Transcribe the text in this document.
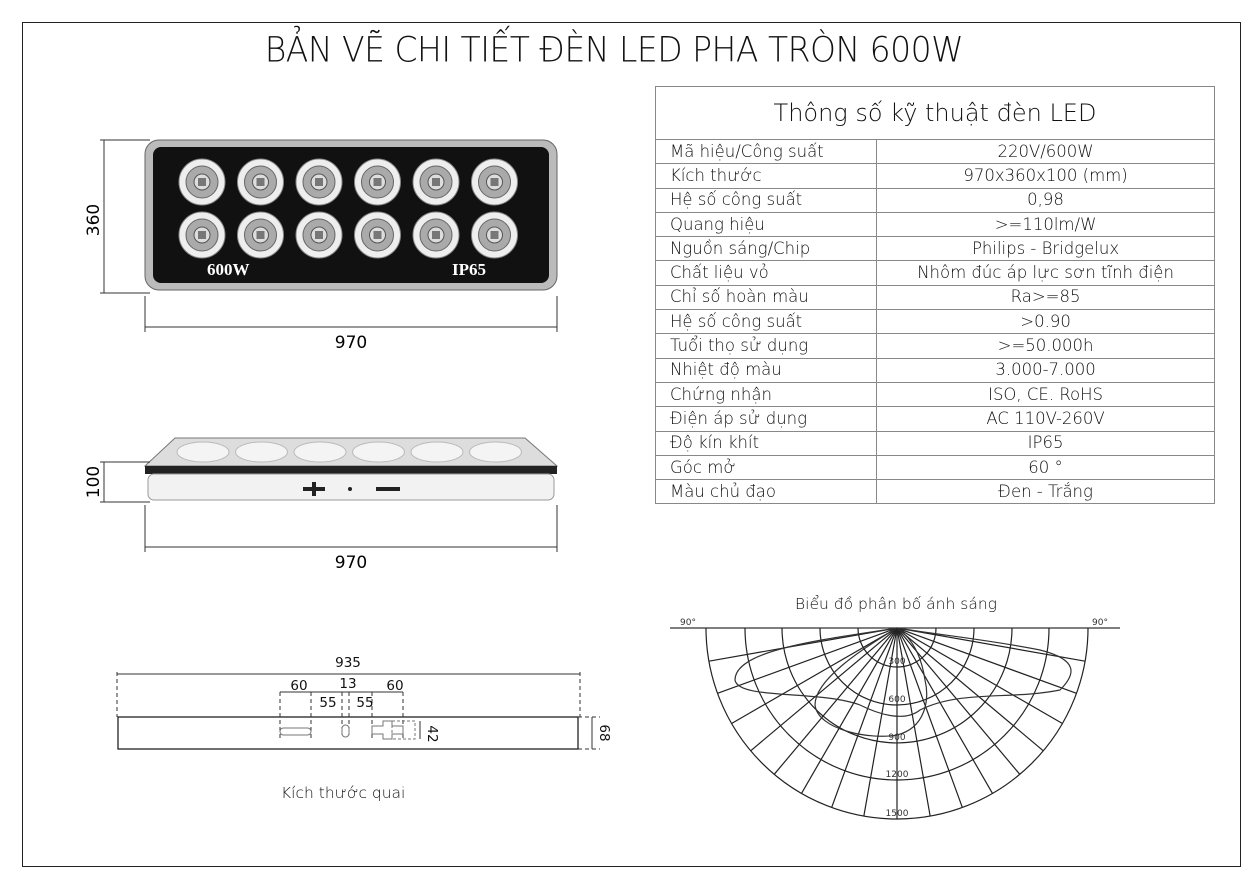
BẢN VẼ CHI TIẾT ĐÈN LED PHA TRÒN 600W
Thông số kỹ thuật đèn LED	
Mã hiệu/Công suất	220V/600W
Kích thước	970x360x100 (mm)
Hệ số công suất	0,98
Quang hiệu	>=110lm/W
Nguồn sáng/Chip	Philips - Bridgelux
Chất liệu vỏ	Nhôm đúc áp lực sơn tĩnh điện
Chỉ số hoàn màu	Ra>=85
Hệ số công suất	>0.90
Tuổi thọ sử dụng	>=50.000h
Nhiệt độ màu	3.000-7.000
Chứng nhận	ISO, CE. RoHS
Điện áp sử dụng	AC 110V-260V
Độ kín khít	IP65
Góc mở	60 °
Màu chủ đạo	Đen - Trắng
600W	IP65
360
970
100
970
935
60
55
13
55
60
42	68
Biểu đồ phân bố ánh sáng
90°	90°
300
600
900
1200
1500
Kích thước quai
